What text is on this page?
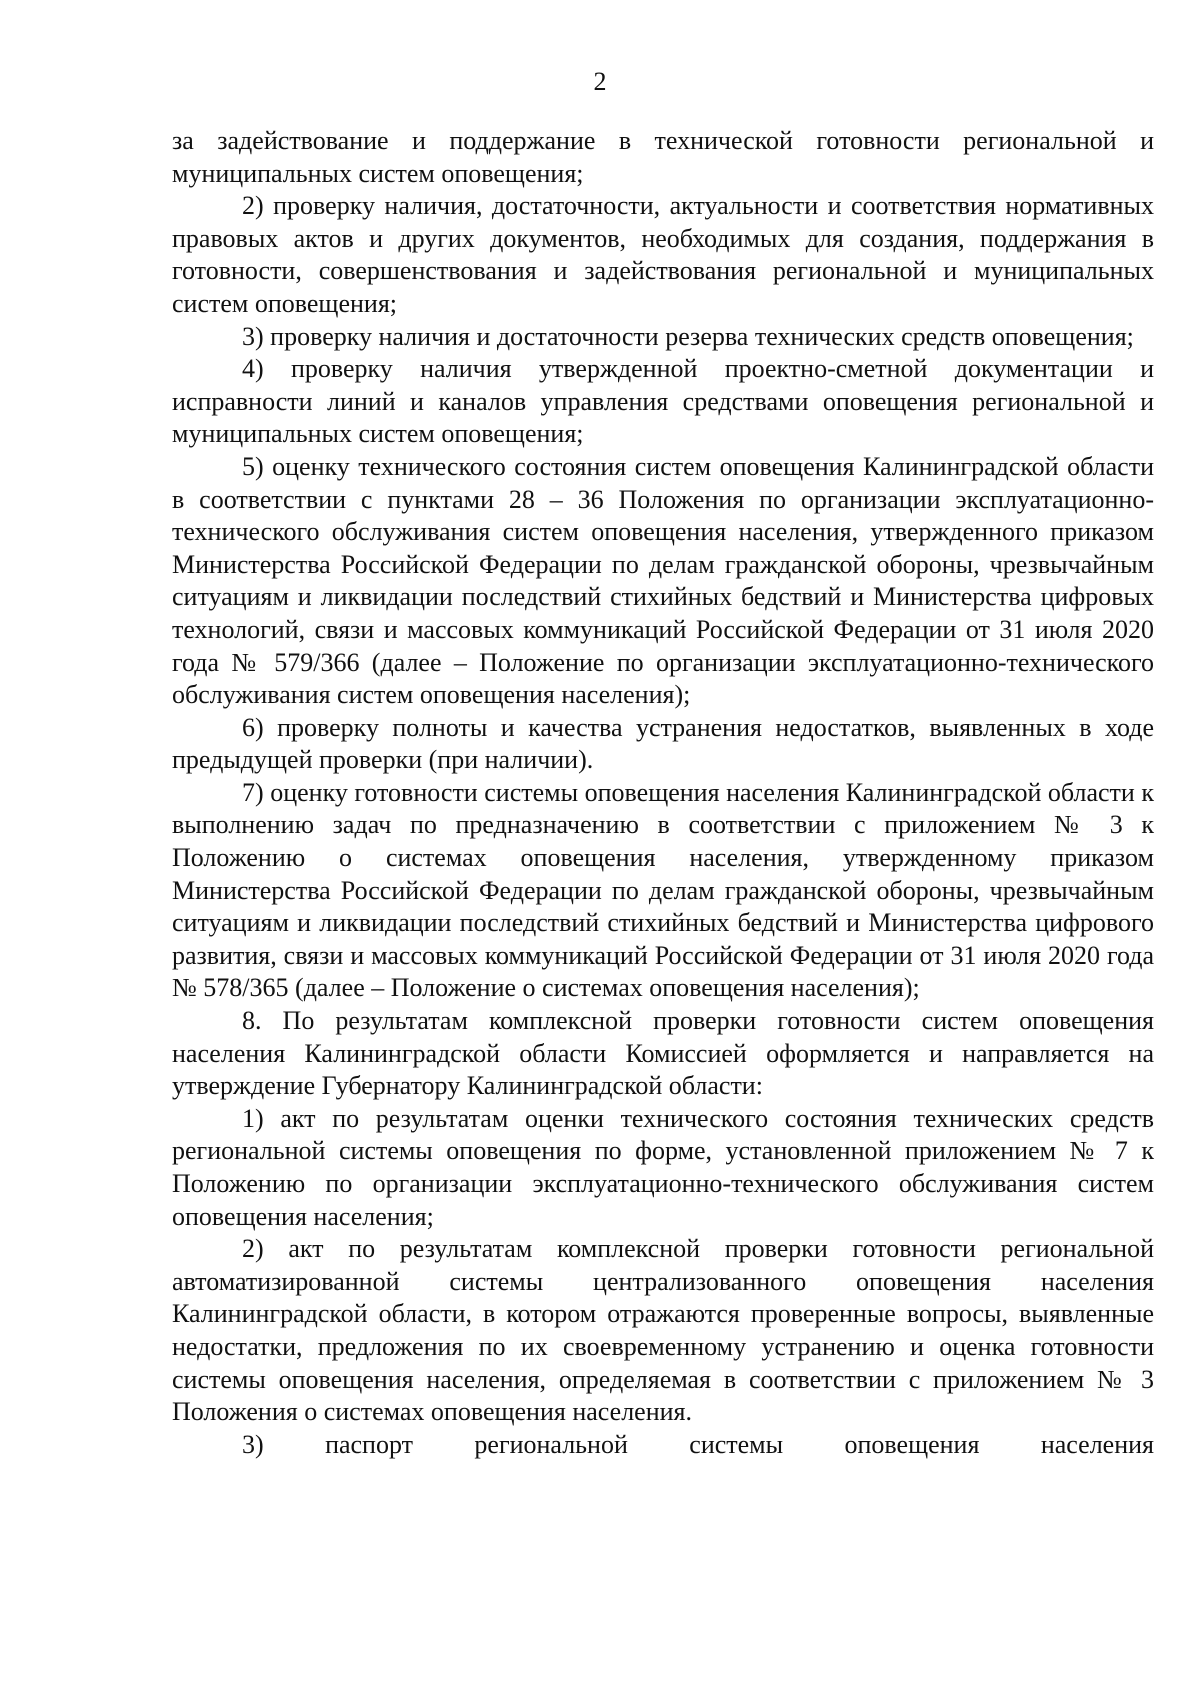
2

за задействование и поддержание в технической готовности региональной и муниципальных систем оповещения;

2) проверку наличия, достаточности, актуальности и соответствия нормативных правовых актов и других документов, необходимых для создания, поддержания в готовности, совершенствования и задействования региональной и муниципальных систем оповещения;

3) проверку наличия и достаточности резерва технических средств оповещения;

4) проверку наличия утвержденной проектно-сметной документации и исправности линий и каналов управления средствами оповещения региональной и муниципальных систем оповещения;

5) оценку технического состояния систем оповещения Калининградской области в соответствии с пунктами 28 – 36 Положения по организации эксплуатационно-технического обслуживания систем оповещения населения, утвержденного приказом Министерства Российской Федерации по делам гражданской обороны, чрезвычайным ситуациям и ликвидации последствий стихийных бедствий и Министерства цифровых технологий, связи и массовых коммуникаций Российской Федерации от 31 июля 2020 года № 579/366 (далее – Положение по организации эксплуатационно-технического обслуживания систем оповещения населения);

6) проверку полноты и качества устранения недостатков, выявленных в ходе предыдущей проверки (при наличии).

7) оценку готовности системы оповещения населения Калининградской области к выполнению задач по предназначению в соответствии с приложением № 3 к Положению о системах оповещения населения, утвержденному приказом Министерства Российской Федерации по делам гражданской обороны, чрезвычайным ситуациям и ликвидации последствий стихийных бедствий и Министерства цифрового развития, связи и массовых коммуникаций Российской Федерации от 31 июля 2020 года № 578/365 (далее – Положение о системах оповещения населения);

8. По результатам комплексной проверки готовности систем оповещения населения Калининградской области Комиссией оформляется и направляется на утверждение Губернатору Калининградской области:

1) акт по результатам оценки технического состояния технических средств региональной системы оповещения по форме, установленной приложением № 7 к Положению по организации эксплуатационно-технического обслуживания систем оповещения населения;

2) акт по результатам комплексной проверки готовности региональной автоматизированной системы централизованного оповещения населения Калининградской области, в котором отражаются проверенные вопросы, выявленные недостатки, предложения по их своевременному устранению и оценка готовности системы оповещения населения, определяемая в соответствии с приложением № 3 Положения о системах оповещения населения.

3) паспорт региональной системы оповещения населения
